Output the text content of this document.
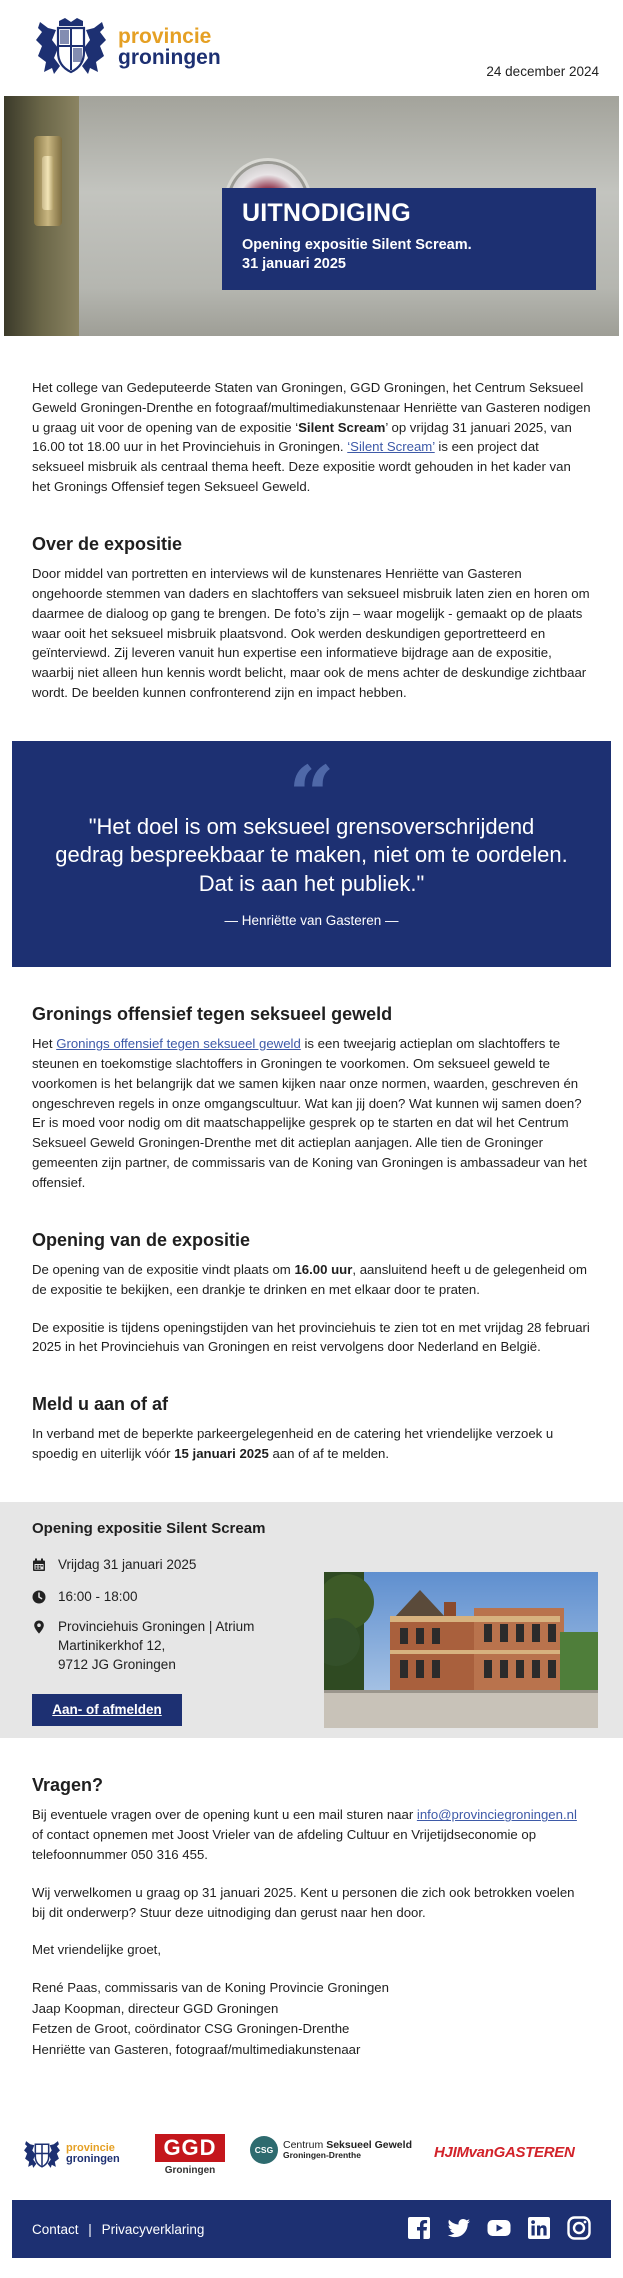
provincie
groningen
24 december 2024
UITNODIGING
Opening expositie Silent Scream.
31 januari 2025

Het college van Gedeputeerde Staten van Groningen, GGD Groningen, het Centrum Seksueel Geweld Groningen-Drenthe en fotograaf/multimediakunstenaar Henriëtte van Gasteren nodigen u graag uit voor de opening van de expositie ‘Silent Scream’ op vrijdag 31 januari 2025, van 16.00 tot 18.00 uur in het Provinciehuis in Groningen. ‘Silent Scream’ is een project dat seksueel misbruik als centraal thema heeft. Deze expositie wordt gehouden in het kader van het Gronings Offensief tegen Seksueel Geweld.

Over de expositie

Door middel van portretten en interviews wil de kunstenares Henriëtte van Gasteren ongehoorde stemmen van daders en slachtoffers van seksueel misbruik laten zien en horen om daarmee de dialoog op gang te brengen. De foto’s zijn – waar mogelijk - gemaakt op de plaats waar ooit het seksueel misbruik plaatsvond. Ook werden deskundigen geportretteerd en geïnterviewd. Zij leveren vanuit hun expertise een informatieve bijdrage aan de expositie, waarbij niet alleen hun kennis wordt belicht, maar ook de mens achter de deskundige zichtbaar wordt. De beelden kunnen confronterend zijn en impact hebben.

“
"Het doel is om seksueel grensoverschrijdend gedrag bespreekbaar te maken, niet om te oordelen. Dat is aan het publiek."
— Henriëtte van Gasteren —
Gronings offensief tegen seksueel geweld

Het Gronings offensief tegen seksueel geweld is een tweejarig actieplan om slachtoffers te steunen en toekomstige slachtoffers in Groningen te voorkomen. Om seksueel geweld te voorkomen is het belangrijk dat we samen kijken naar onze normen, waarden, geschreven én ongeschreven regels in onze omgangscultuur. Wat kan jij doen? Wat kunnen wij samen doen? Er is moed voor nodig om dit maatschappelijke gesprek op te starten en dat wil het Centrum Seksueel Geweld Groningen-Drenthe met dit actieplan aanjagen. Alle tien de Groninger gemeenten zijn partner, de commissaris van de Koning van Groningen is ambassadeur van het offensief.

Opening van de expositie

De opening van de expositie vindt plaats om 16.00 uur, aansluitend heeft u de gelegenheid om de expositie te bekijken, een drankje te drinken en met elkaar door te praten.

De expositie is tijdens openingstijden van het provinciehuis te zien tot en met vrijdag 28 februari 2025 in het Provinciehuis van Groningen en reist vervolgens door Nederland en België.

Meld u aan of af

In verband met de beperkte parkeergelegenheid en de catering het vriendelijke verzoek u spoedig en uiterlijk vóór 15 januari 2025 aan of af te melden.

Opening expositie Silent Scream
Vrijdag 31 januari 2025
16:00 - 18:00
Provinciehuis Groningen | Atrium
Martinikerkhof 12,
9712 JG Groningen
Aan- of afmelden
Vragen?

Bij eventuele vragen over de opening kunt u een mail sturen naar info@provinciegroningen.nl of contact opnemen met Joost Vrieler van de afdeling Cultuur en Vrijetijdseconomie op telefoonnummer 050 316 455.

Wij verwelkomen u graag op 31 januari 2025. Kent u personen die zich ook betrokken voelen bij dit onderwerp? Stuur deze uitnodiging dan gerust naar hen door.

Met vriendelijke groet,

René Paas, commissaris van de Koning Provincie Groningen

Jaap Koopman, directeur GGD Groningen

Fetzen de Groot, coördinator CSG Groningen-Drenthe

Henriëtte van Gasteren, fotograaf/multimediakunstenaar

provincie
groningen	GGD
Groningen
CSG Centrum Seksueel Geweld
Groningen-Drenthe	HJIMvanGASTEREN
Contact | Privacyverklaring
